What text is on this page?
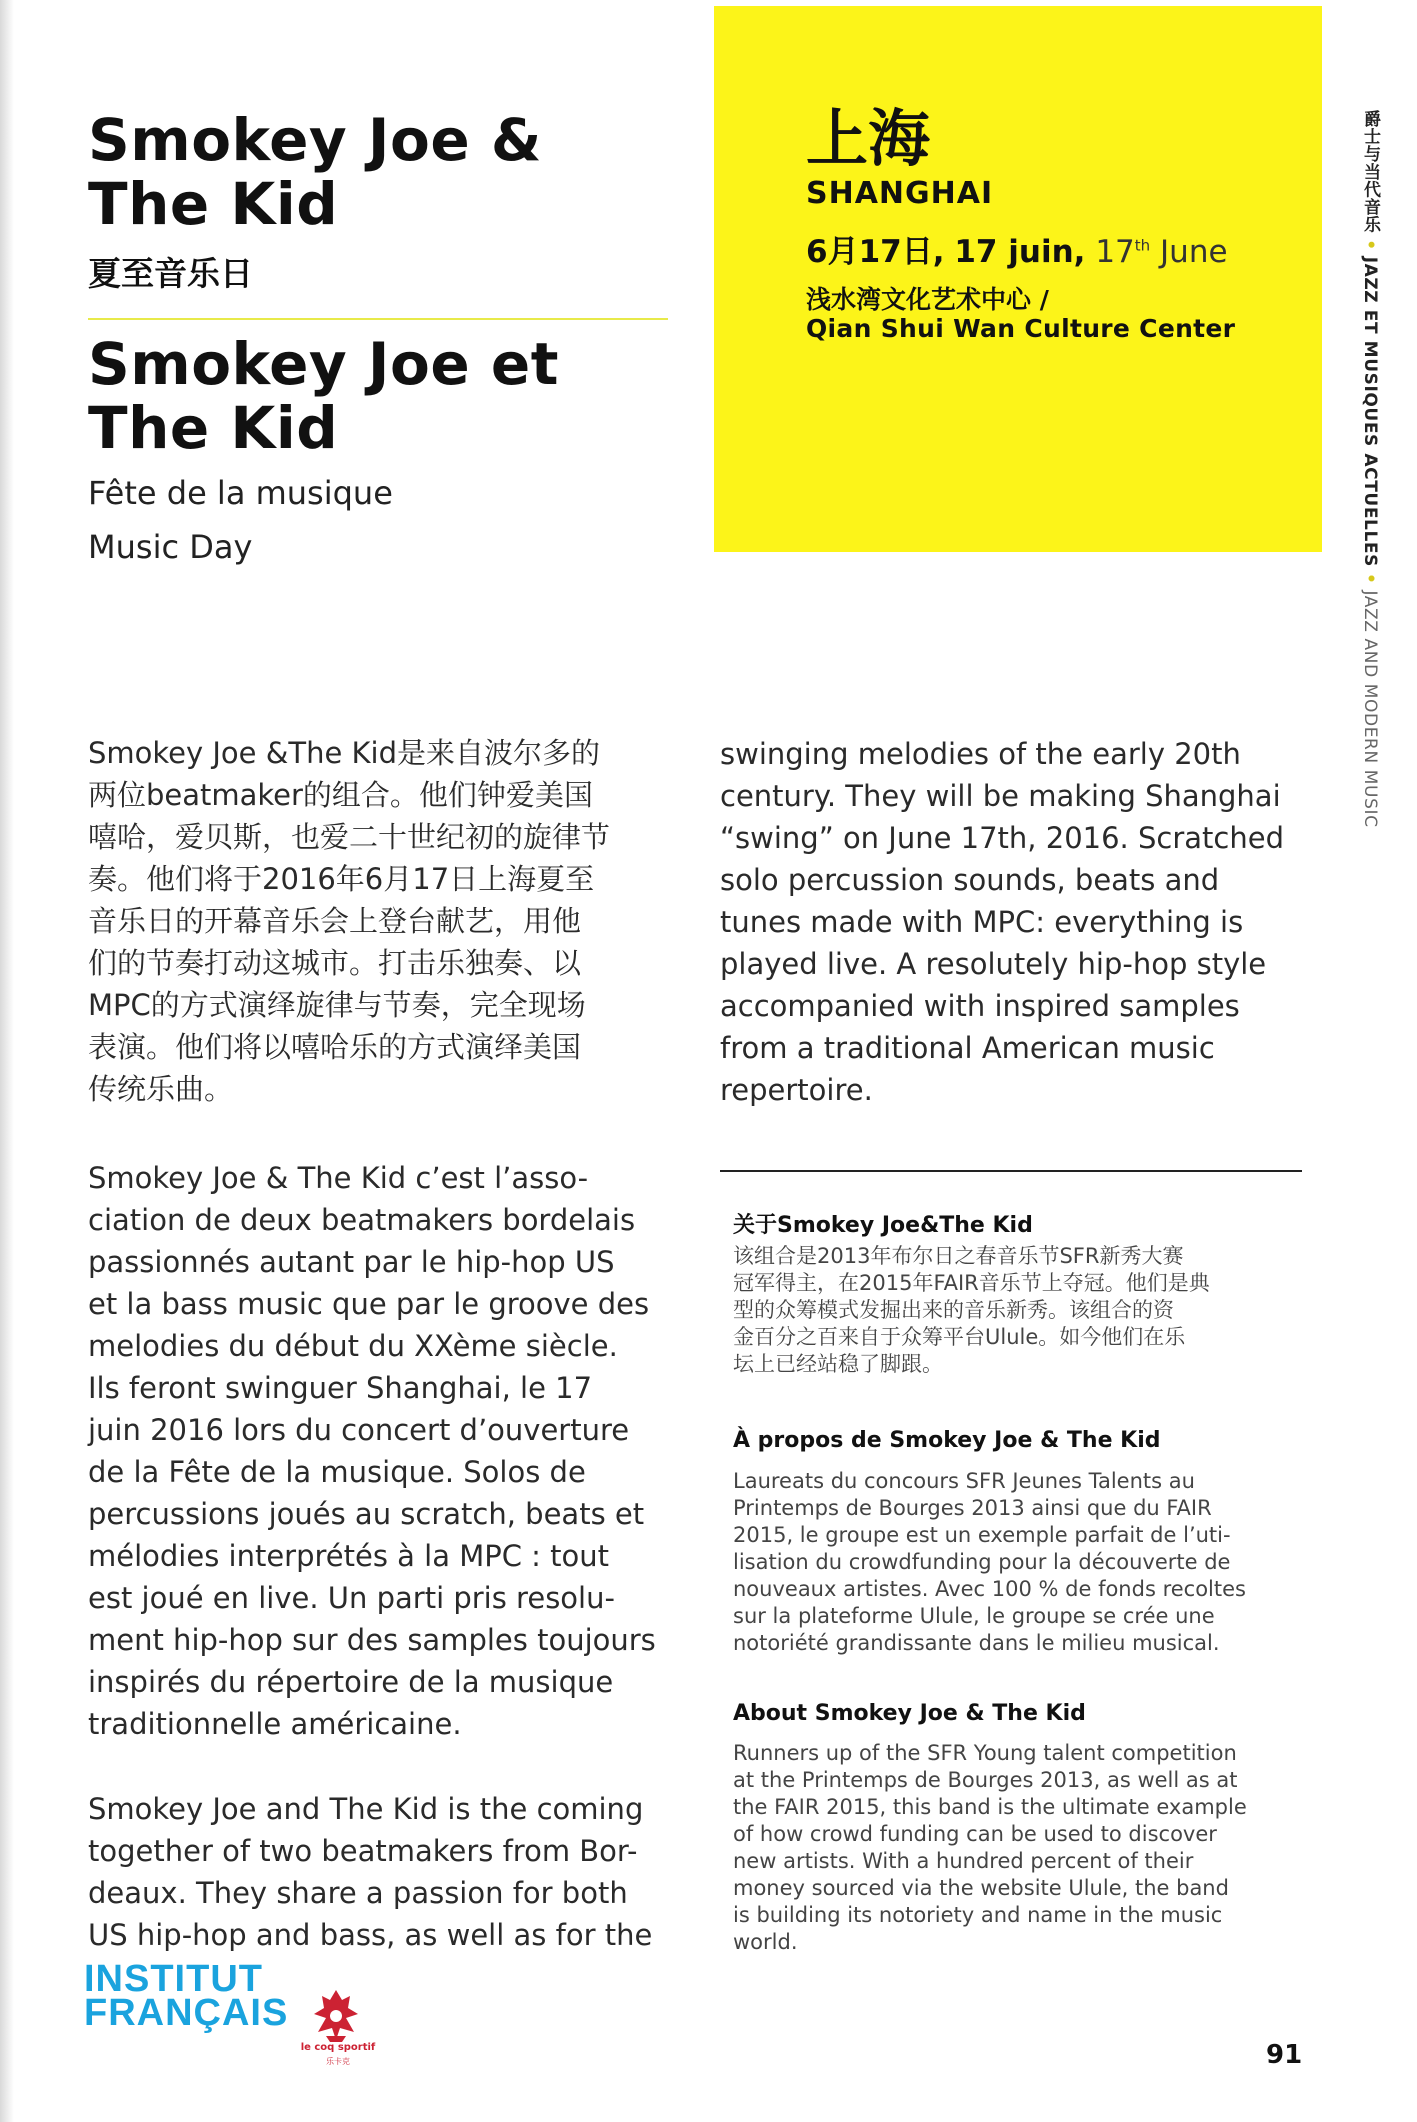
Smokey Joe &
The Kid
夏至音乐日
Smokey Joe et
The Kid
Fête de la musique
Music Day
上海
SHANGHAI
6月17日, 17 juin, 17th June
浅水湾文化艺术中心 /
Qian Shui Wan Culture Center
爵士与当代音乐 • JAZZ ET MUSIQUES ACTUELLES • JAZZ AND MODERN MUSIC
Smokey Joe &The Kid是来自波尔多的
两位beatmaker的组合。他们钟爱美国
嘻哈，爱贝斯，也爱二十世纪初的旋律节
奏。他们将于2016年6月17日上海夏至
音乐日的开幕音乐会上登台献艺，用他
们的节奏打动这城市。打击乐独奏、以
MPC的方式演绎旋律与节奏，完全现场
表演。他们将以嘻哈乐的方式演绎美国
传统乐曲。
Smokey Joe & The Kid c’est l’asso-
ciation de deux beatmakers bordelais
passionnés autant par le hip-hop US
et la bass music que par le groove des
melodies du début du XXème siècle.
Ils feront swinguer Shanghai, le 17
juin 2016 lors du concert d’ouverture
de la Fête de la musique. Solos de
percussions joués au scratch, beats et
mélodies interprétés à la MPC : tout
est joué en live. Un parti pris resolu-
ment hip-hop sur des samples toujours
inspirés du répertoire de la musique
traditionnelle américaine.
Smokey Joe and The Kid is the coming
together of two beatmakers from Bor-
deaux. They share a passion for both
US hip-hop and bass, as well as for the
swinging melodies of the early 20th
century. They will be making Shanghai
“swing” on June 17th, 2016. Scratched
solo percussion sounds, beats and
tunes made with MPC: everything is
played live. A resolutely hip-hop style
accompanied with inspired samples
from a traditional American music
repertoire.
关于Smokey Joe&The Kid
该组合是2013年布尔日之春音乐节SFR新秀大赛
冠军得主，在2015年FAIR音乐节上夺冠。他们是典
型的众筹模式发掘出来的音乐新秀。该组合的资
金百分之百来自于众筹平台Ulule。如今他们在乐
坛上已经站稳了脚跟。
À propos de Smokey Joe & The Kid
Laureats du concours SFR Jeunes Talents au
Printemps de Bourges 2013 ainsi que du FAIR
2015, le groupe est un exemple parfait de l’uti-
lisation du crowdfunding pour la découverte de
nouveaux artistes. Avec 100 % de fonds recoltes
sur la plateforme Ulule, le groupe se crée une
notoriété grandissante dans le milieu musical.
About Smokey Joe & The Kid
Runners up of the SFR Young talent competition
at the Printemps de Bourges 2013, as well as at
the FAIR 2015, this band is the ultimate example
of how crowd funding can be used to discover
new artists. With a hundred percent of their
money sourced via the website Ulule, the band
is building its notoriety and name in the music
world.
INSTITUT
FRANÇAIS
le coq sportif
乐卡克	91
